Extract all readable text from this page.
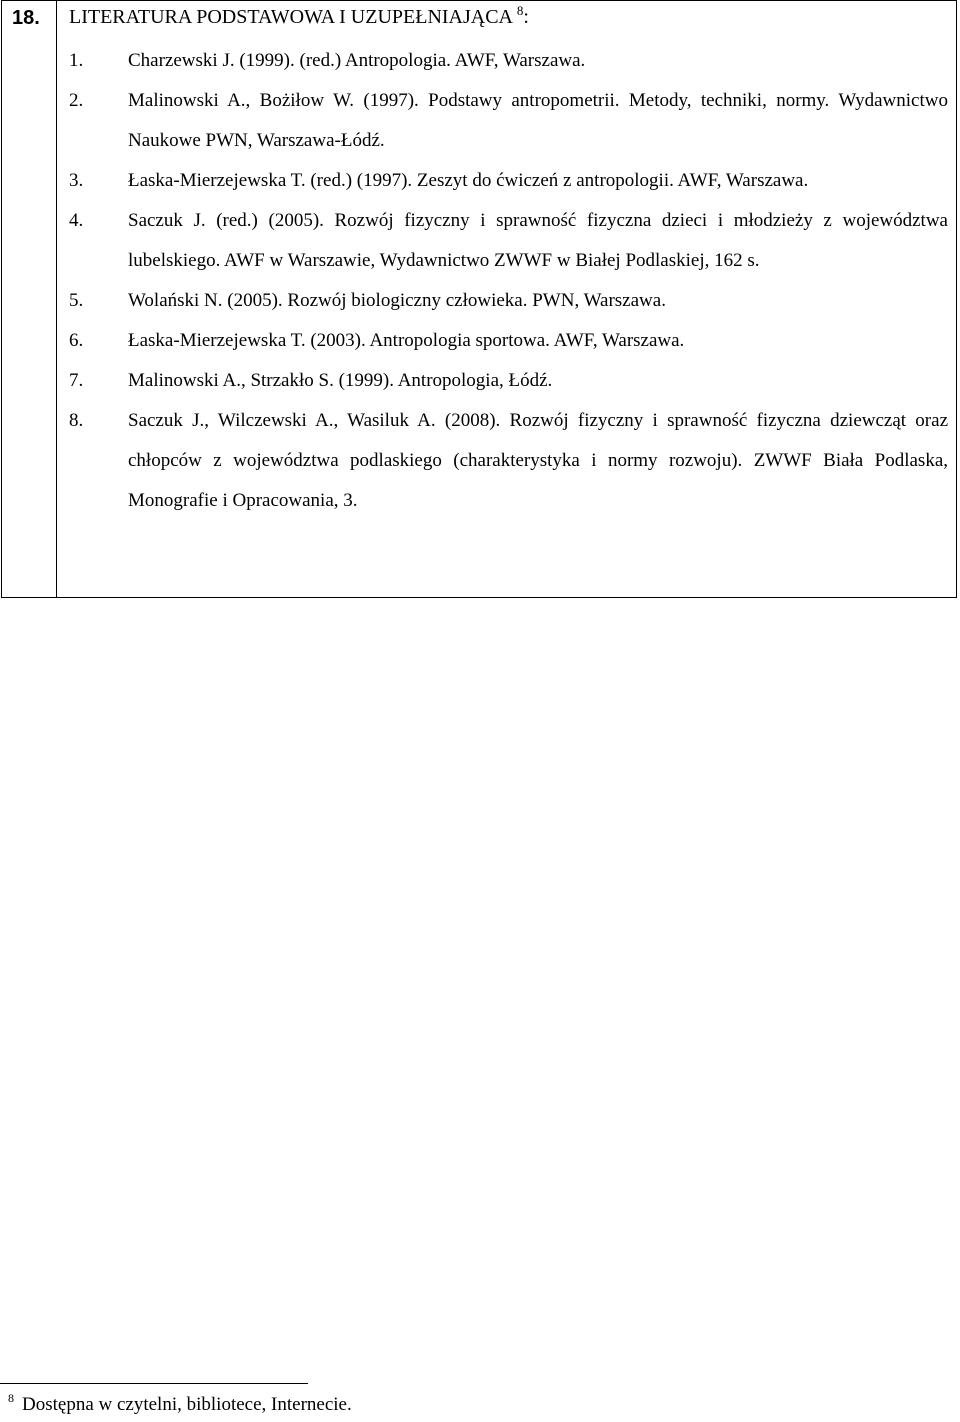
18. LITERATURA PODSTAWOWA I UZUPEŁNIAJĄCA $^8$:
1. Charzewski J. (1999). (red.) Antropologia. AWF, Warszawa.
2. Malinowski A., Bożiłow W. (1997). Podstawy antropometrii. Metody, techniki, normy. Wydawnictwo Naukowe PWN, Warszawa-Łódź.
3. Łaska-Mierzejewska T. (red.) (1997). Zeszyt do ćwiczeń z antropologii. AWF, Warszawa.
4. Saczuk J. (red.) (2005). Rozwój fizyczny i sprawność fizyczna dzieci i młodzieży z województwa lubelskiego. AWF w Warszawie, Wydawnictwo ZWWF w Białej Podlaskiej, 162 s.
5. Wolański N. (2005). Rozwój biologiczny człowieka. PWN, Warszawa.
6. Łaska-Mierzejewska T. (2003). Antropologia sportowa. AWF, Warszawa.
7. Malinowski A., Strzakło S. (1999). Antropologia, Łódź.
8. Saczuk J., Wilczewski A., Wasiluk A. (2008). Rozwój fizyczny i sprawność fizyczna dziewcząt oraz chłopców z województwa podlaskiego (charakterystyka i normy rozwoju). ZWWF Biała Podlaska, Monografie i Opracowania, 3.
$^8$ Dostępna w czytelni, bibliotece, Internecie.
